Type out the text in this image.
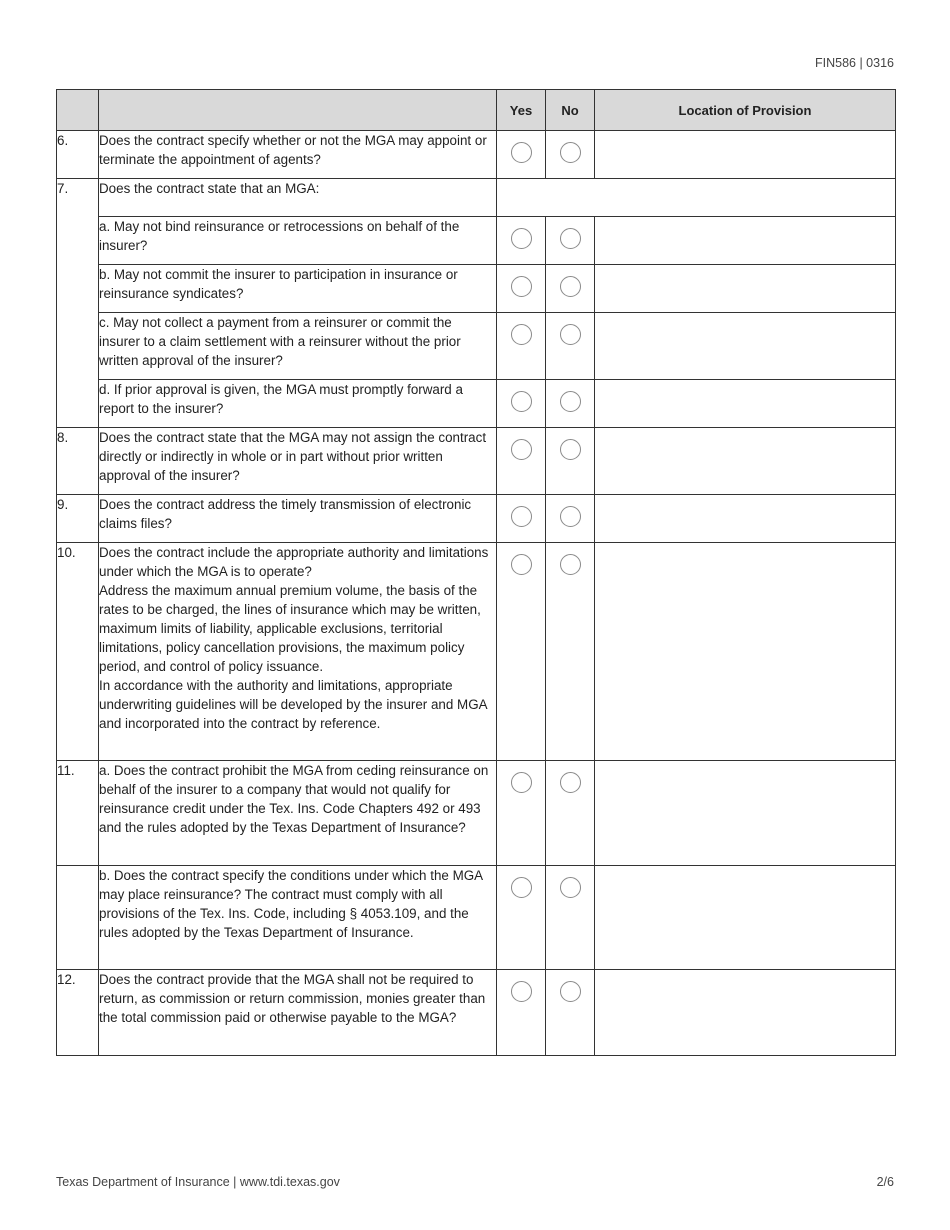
FIN586 | 0316
		Yes	No	Location of Provision
6.	Does the contract specify whether or not the MGA may appoint or terminate the appointment of agents?			
7.	Does the contract state that an MGA:			
	a. May not bind reinsurance or retrocessions on behalf of the insurer?			
	b. May not commit the insurer to participation in insurance or reinsurance syndicates?			
	c. May not collect a payment from a reinsurer or commit the insurer to a claim settlement with a reinsurer without the prior written approval of the insurer?			
	d. If prior approval is given, the MGA must promptly forward a report to the insurer?			
8.	Does the contract state that the MGA may not assign the contract directly or indirectly in whole or in part without prior written approval of the insurer?			
9.	Does the contract address the timely transmission of electronic claims files?			
10.	Does the contract include the appropriate authority and limitations under which the MGA is to operate?
Address the maximum annual premium volume, the basis of the rates to be charged, the lines of insurance which may be written, maximum limits of liability, applicable exclusions, territorial limitations, policy cancellation provisions, the maximum policy period, and control of policy issuance.
In accordance with the authority and limitations, appropriate underwriting guidelines will be developed by the insurer and MGA and incorporated into the contract by reference.			

11.	a. Does the contract prohibit the MGA from ceding reinsurance on behalf of the insurer to a company that would not qualify for reinsurance credit under the Tex. Ins. Code Chapters 492 or 493 and the rules adopted by the Texas Department of Insurance?			
	b. Does the contract specify the conditions under which the MGA may place reinsurance? The contract must comply with all provisions of the Tex. Ins. Code, including § 4053.109, and the rules adopted by the Texas Department of Insurance.			
12.	Does the contract provide that the MGA shall not be required to return, as commission or return commission, monies greater than the total commission paid or otherwise payable to the MGA?			
Texas Department of Insurance | www.tdi.texas.gov	2/6
